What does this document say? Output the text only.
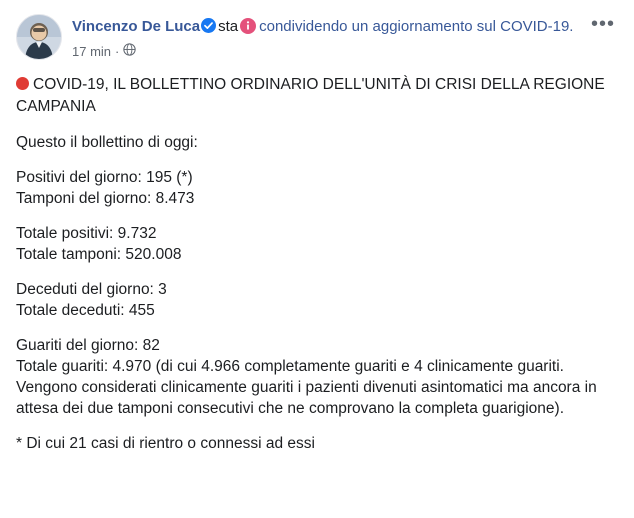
Vincenzo De Luca sta condividendo un aggiornamento sul COVID-19.
17 min ·
•••

COVID-19, IL BOLLETTINO ORDINARIO DELL'UNITÀ DI CRISI DELLA REGIONE CAMPANIA

Questo il bollettino di oggi:

Positivi del giorno: 195 (*)

Tamponi del giorno: 8.473

Totale positivi: 9.732

Totale tamponi: 520.008

Deceduti del giorno: 3

Totale deceduti: 455

Guariti del giorno: 82

Totale guariti: 4.970 (di cui 4.966 completamente guariti e 4 clinicamente guariti. Vengono considerati clinicamente guariti i pazienti divenuti asintomatici ma ancora in attesa dei due tamponi consecutivi che ne comprovano la completa guarigione).

* Di cui 21 casi di rientro o connessi ad essi
